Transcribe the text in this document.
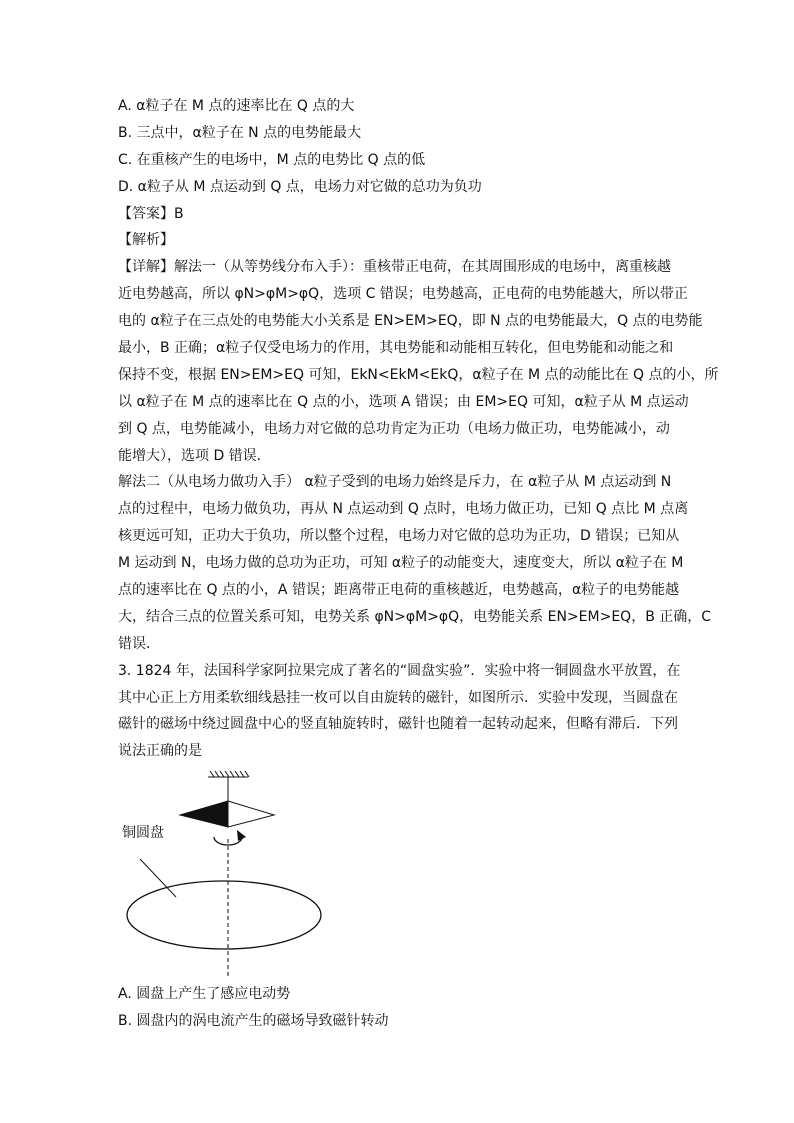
A. α粒子在 M 点的速率比在 Q 点的大
B. 三点中，α粒子在 N 点的电势能最大
C. 在重核产生的电场中，M 点的电势比 Q 点的低
D. α粒子从 M 点运动到 Q 点，电场力对它做的总功为负功
【答案】B
【解析】
【详解】解法一（从等势线分布入手）：重核带正电荷，在其周围形成的电场中，离重核越
近电势越高，所以 φN>φM>φQ，选项 C 错误；电势越高，正电荷的电势能越大，所以带正
电的 α粒子在三点处的电势能大小关系是 EN>EM>EQ，即 N 点的电势能最大，Q 点的电势能
最小，B 正确；α粒子仅受电场力的作用，其电势能和动能相互转化，但电势能和动能之和
保持不变，根据 EN>EM>EQ 可知，EkN<EkM<EkQ，α粒子在 M 点的动能比在 Q 点的小，所
以 α粒子在 M 点的速率比在 Q 点的小，选项 A 错误；由 EM>EQ 可知，α粒子从 M 点运动
到 Q 点，电势能减小，电场力对它做的总功肯定为正功（电场力做正功，电势能减小，动
能增大），选项 D 错误．
解法二（从电场力做功入手） α粒子受到的电场力始终是斥力，在 α粒子从 M 点运动到 N
点的过程中，电场力做负功，再从 N 点运动到 Q 点时，电场力做正功，已知 Q 点比 M 点离
核更远可知，正功大于负功，所以整个过程，电场力对它做的总功为正功，D 错误；已知从
M 运动到 N，电场力做的总功为正功，可知 α粒子的动能变大，速度变大，所以 α粒子在 M
点的速率比在 Q 点的小，A 错误；距离带正电荷的重核越近，电势越高，α粒子的电势能越
大，结合三点的位置关系可知，电势关系 φN>φM>φQ，电势能关系 EN>EM>EQ，B 正确，C
错误．
3. 1824 年，法国科学家阿拉果完成了著名的“圆盘实验”．实验中将一铜圆盘水平放置，在
其中心正上方用柔软细线悬挂一枚可以自由旋转的磁针，如图所示．实验中发现，当圆盘在
磁针的磁场中绕过圆盘中心的竖直轴旋转时，磁针也随着一起转动起来，但略有滞后．下列
说法正确的是
铜圆盘
A. 圆盘上产生了感应电动势
B. 圆盘内的涡电流产生的磁场导致磁针转动
